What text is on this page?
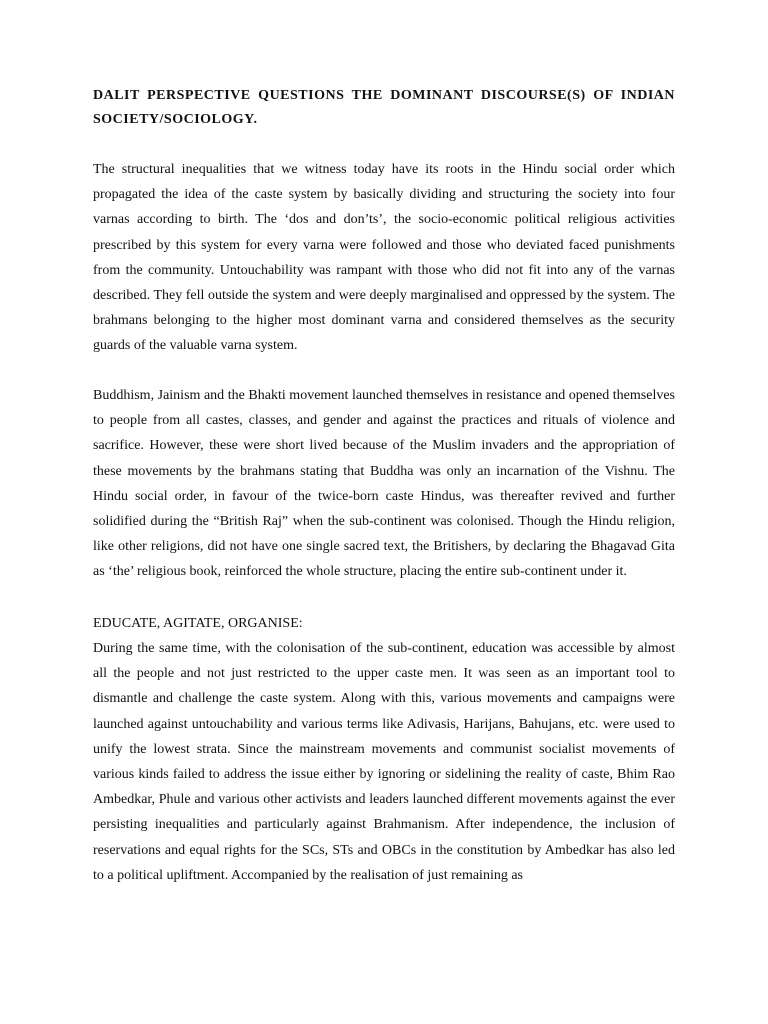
DALIT PERSPECTIVE QUESTIONS THE DOMINANT DISCOURSE(S) OF INDIAN SOCIETY/SOCIOLOGY.

The structural inequalities that we witness today have its roots in the Hindu social order which propagated the idea of the caste system by basically dividing and structuring the society into four varnas according to birth. The ‘dos and don’ts’, the socio-economic political religious activities prescribed by this system for every varna were followed and those who deviated faced punishments from the community. Untouchability was rampant with those who did not fit into any of the varnas described. They fell outside the system and were deeply marginalised and oppressed by the system. The brahmans belonging to the higher most dominant varna and considered themselves as the security guards of the valuable varna system.

Buddhism, Jainism and the Bhakti movement launched themselves in resistance and opened themselves to people from all castes, classes, and gender and against the practices and rituals of violence and sacrifice. However, these were short lived because of the Muslim invaders and the appropriation of these movements by the brahmans stating that Buddha was only an incarnation of the Vishnu. The Hindu social order, in favour of the twice-born caste Hindus, was thereafter revived and further solidified during the “British Raj” when the sub-continent was colonised. Though the Hindu religion, like other religions, did not have one single sacred text, the Britishers, by declaring the Bhagavad Gita as ‘the’ religious book, reinforced the whole structure, placing the entire sub-continent under it.

EDUCATE, AGITATE, ORGANISE:

During the same time, with the colonisation of the sub-continent, education was accessible by almost all the people and not just restricted to the upper caste men. It was seen as an important tool to dismantle and challenge the caste system. Along with this, various movements and campaigns were launched against untouchability and various terms like Adivasis, Harijans, Bahujans, etc. were used to unify the lowest strata. Since the mainstream movements and communist socialist movements of various kinds failed to address the issue either by ignoring or sidelining the reality of caste, Bhim Rao Ambedkar, Phule and various other activists and leaders launched different movements against the ever persisting inequalities and particularly against Brahmanism. After independence, the inclusion of reservations and equal rights for the SCs, STs and OBCs in the constitution by Ambedkar has also led to a political upliftment. Accompanied by the realisation of just remaining as
